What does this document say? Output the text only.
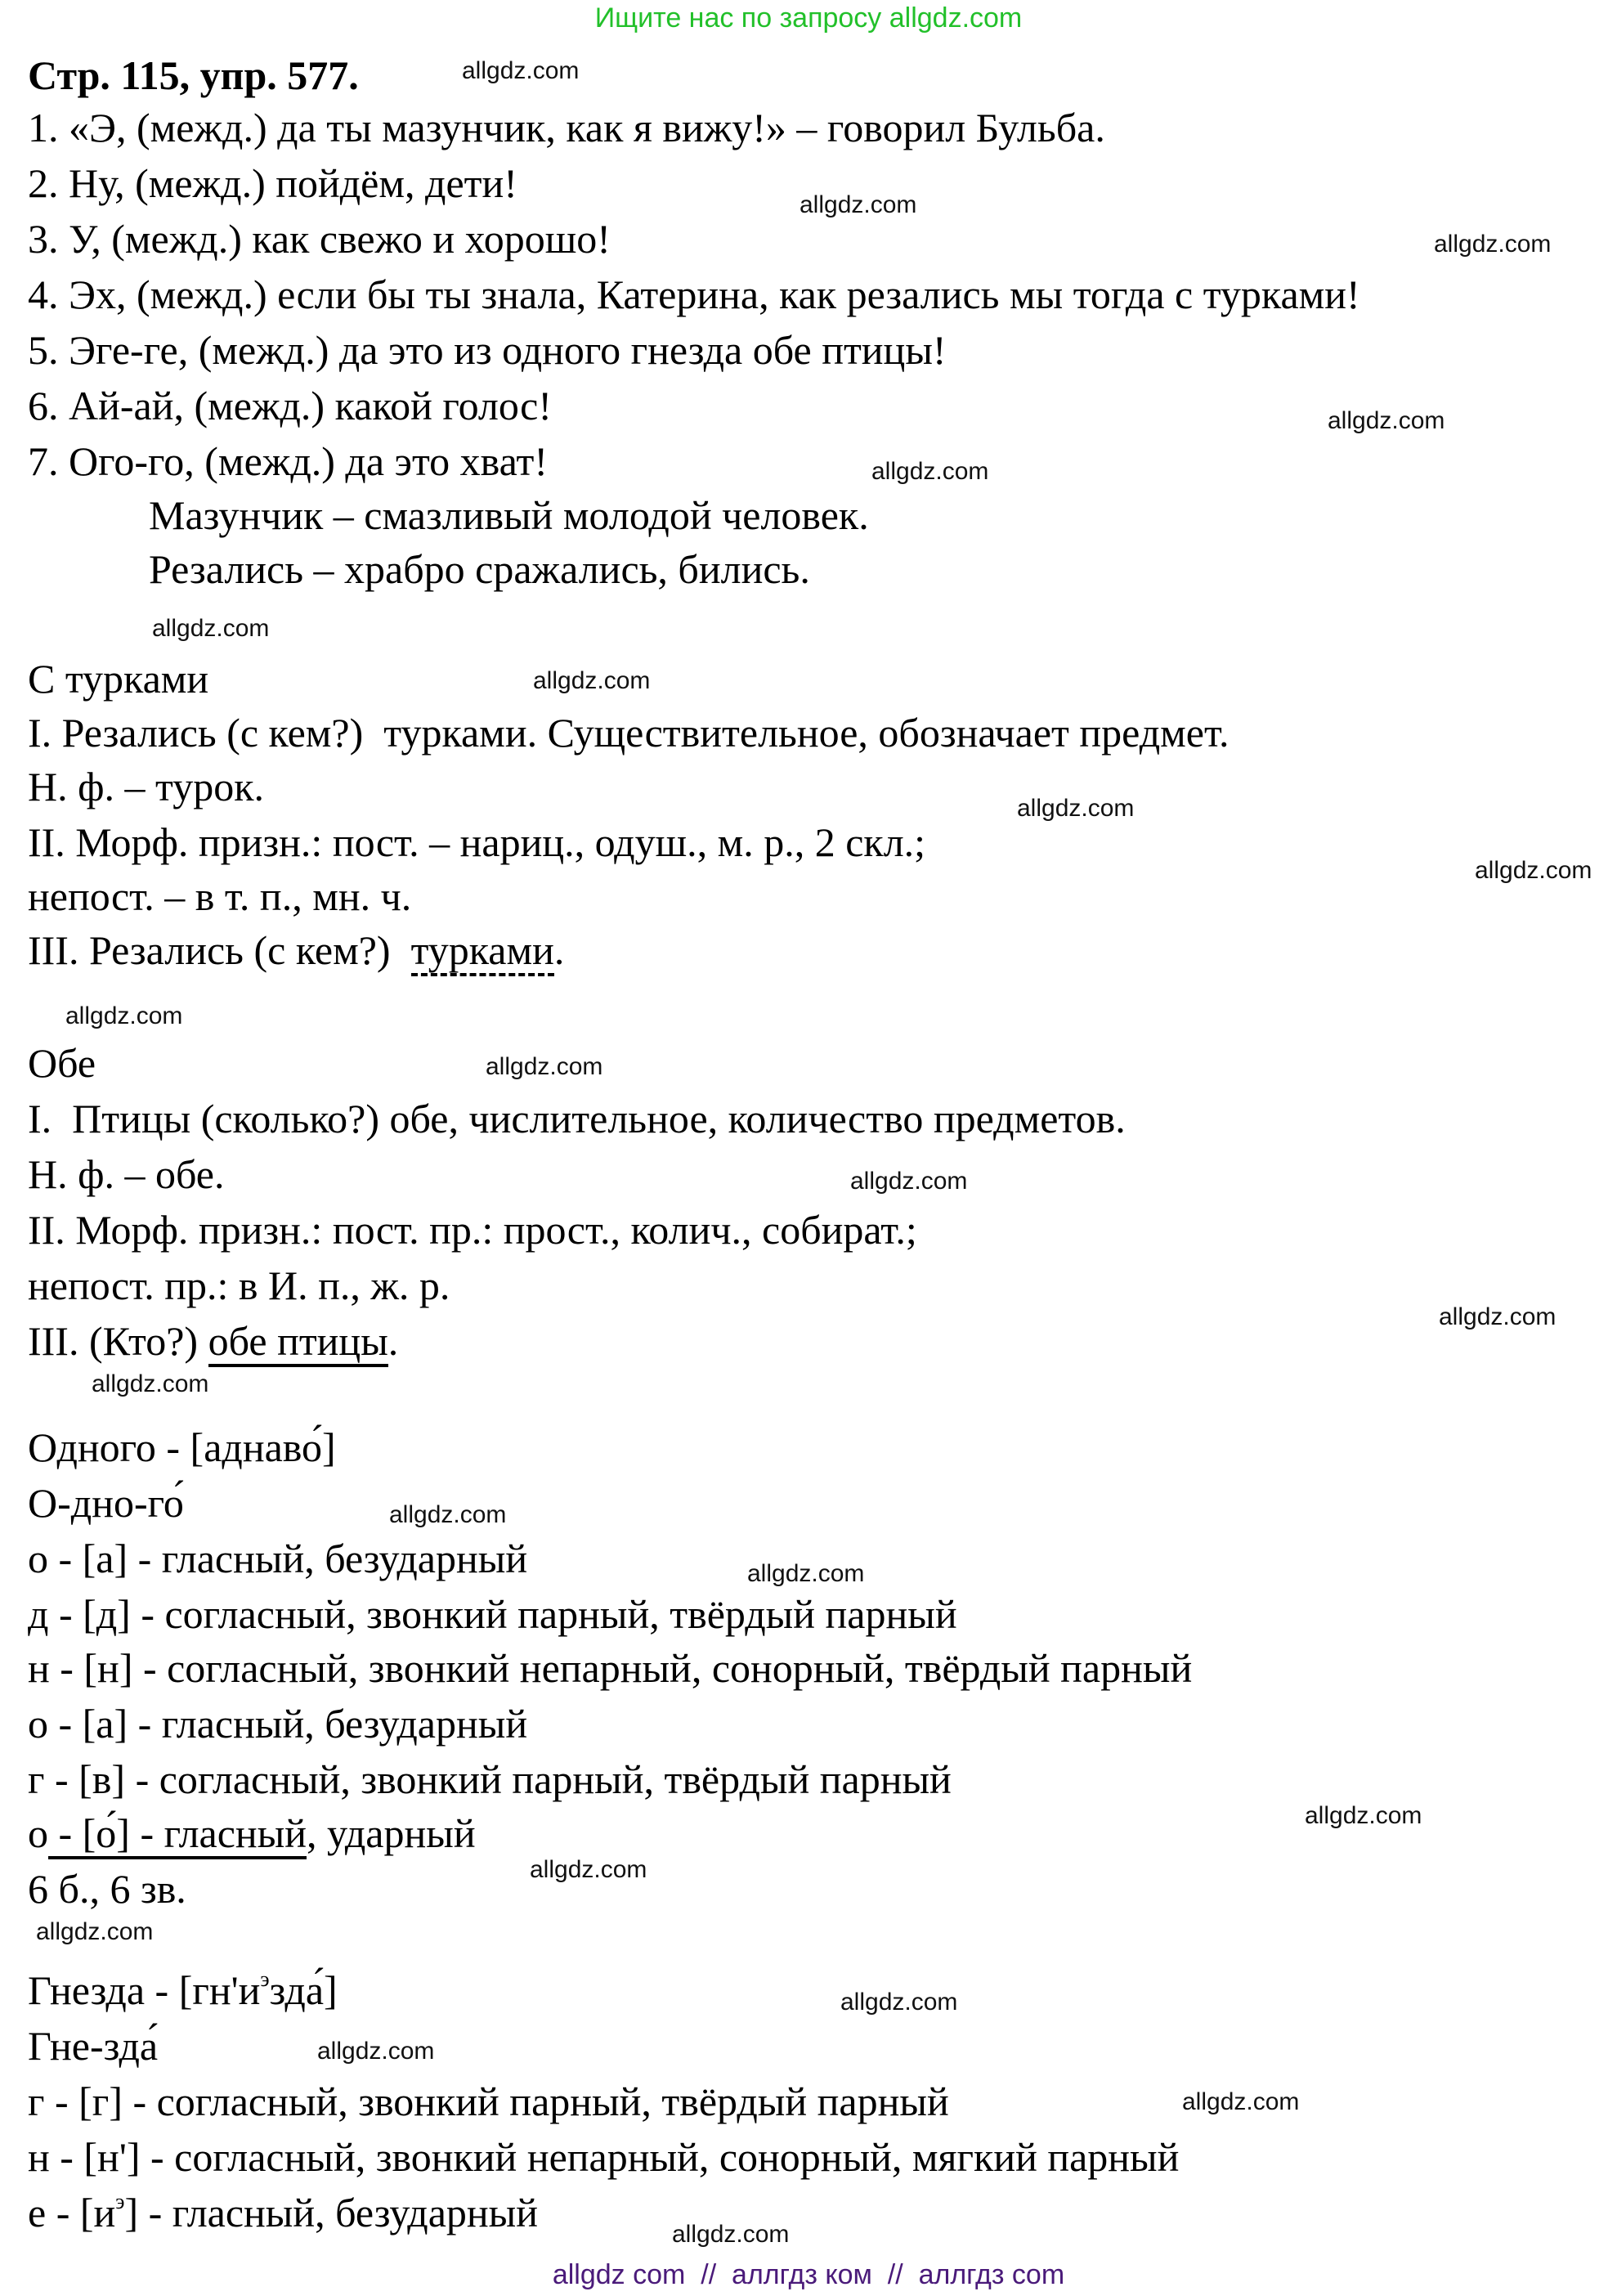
Ищите нас по запросу allgdz.com
Стр. 115, упр. 577.	allgdz.com
1. «Э, (межд.) да ты мазунчик, как я вижу!» – говорил Бульба.
2. Ну, (межд.) пойдём, дети!	allgdz.com
3. У, (межд.) как свежо и хорошо!	allgdz.com
4. Эх, (межд.) если бы ты знала, Катерина, как резались мы тогда с турками!
5. Эге-ге, (межд.) да это из одного гнезда обе птицы!
6. Ай-ай, (межд.) какой голос!	allgdz.com
7. Ого-го, (межд.) да это хват!	allgdz.com
Мазунчик – смазливый молодой человек.
Резались – храбро сражались, бились.
allgdz.com
С турками	allgdz.com
I. Резались (с кем?)  турками. Существительное, обозначает предмет.
Н. ф. – турок.	allgdz.com
II. Морф. призн.: пост. – нариц., одуш., м. р., 2 скл.;
allgdz.com
непост. – в т. п., мн. ч.
III. Резались (с кем?)  турками.
allgdz.com
Обе	allgdz.com
I.  Птицы (сколько?) обе, числительное, количество предметов.
Н. ф. – обе.	allgdz.com
II. Морф. призн.: пост. пр.: прост., колич., собират.;
непост. пр.: в И. п., ж. р.
allgdz.com
III. (Кто?) обе птицы.
allgdz.com
Одного - [аднаво́]
О-дно-го́	allgdz.com
о - [а] - гласный, безударный	allgdz.com
д - [д] - согласный, звонкий парный, твёрдый парный
н - [н] - согласный, звонкий непарный, сонорный, твёрдый парный
о - [а] - гласный, безударный
г - [в] - согласный, звонкий парный, твёрдый парный
allgdz.com
о - [о́] - гласный, ударный
allgdz.com
6 б., 6 зв.
allgdz.com
Гнезда - $[гн'и^эзда́]$	allgdz.com
Гне-зда́	allgdz.com
г - [г] - согласный, звонкий парный, твёрдый парный	allgdz.com
н - [н'] - согласный, звонкий непарный, сонорный, мягкий парный
е - $[и^э]$ - гласный, безударный	allgdz.com
allgdz com  //  аллгдз ком  //  аллгдз com
